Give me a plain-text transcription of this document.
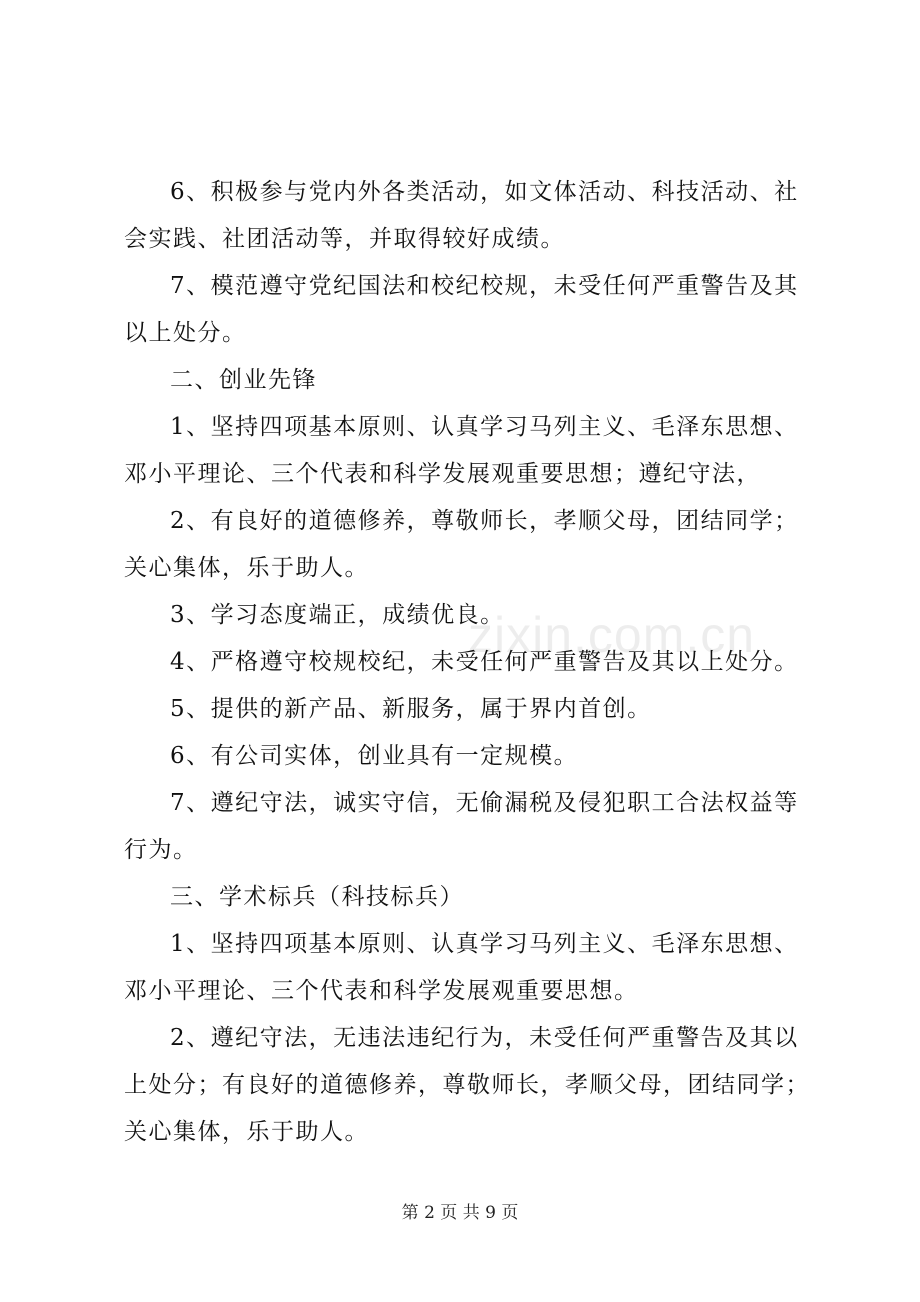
6、积极参与党内外各类活动，如文体活动、科技活动、社
会实践、社团活动等，并取得较好成绩。
7、模范遵守党纪国法和校纪校规，未受任何严重警告及其
以上处分。
二、创业先锋
1、坚持四项基本原则、认真学习马列主义、毛泽东思想、
邓小平理论、三个代表和科学发展观重要思想；遵纪守法，
2、有良好的道德修养，尊敬师长，孝顺父母，团结同学；
关心集体，乐于助人。
3、学习态度端正，成绩优良。
4、严格遵守校规校纪，未受任何严重警告及其以上处分。
5、提供的新产品、新服务，属于界内首创。
6、有公司实体，创业具有一定规模。
7、遵纪守法，诚实守信，无偷漏税及侵犯职工合法权益等
行为。
三、学术标兵（科技标兵）
1、坚持四项基本原则、认真学习马列主义、毛泽东思想、
邓小平理论、三个代表和科学发展观重要思想。
2、遵纪守法，无违法违纪行为，未受任何严重警告及其以
上处分；有良好的道德修养，尊敬师长，孝顺父母，团结同学；
关心集体，乐于助人。
zixin.com.cn
第 2 页 共 9 页
